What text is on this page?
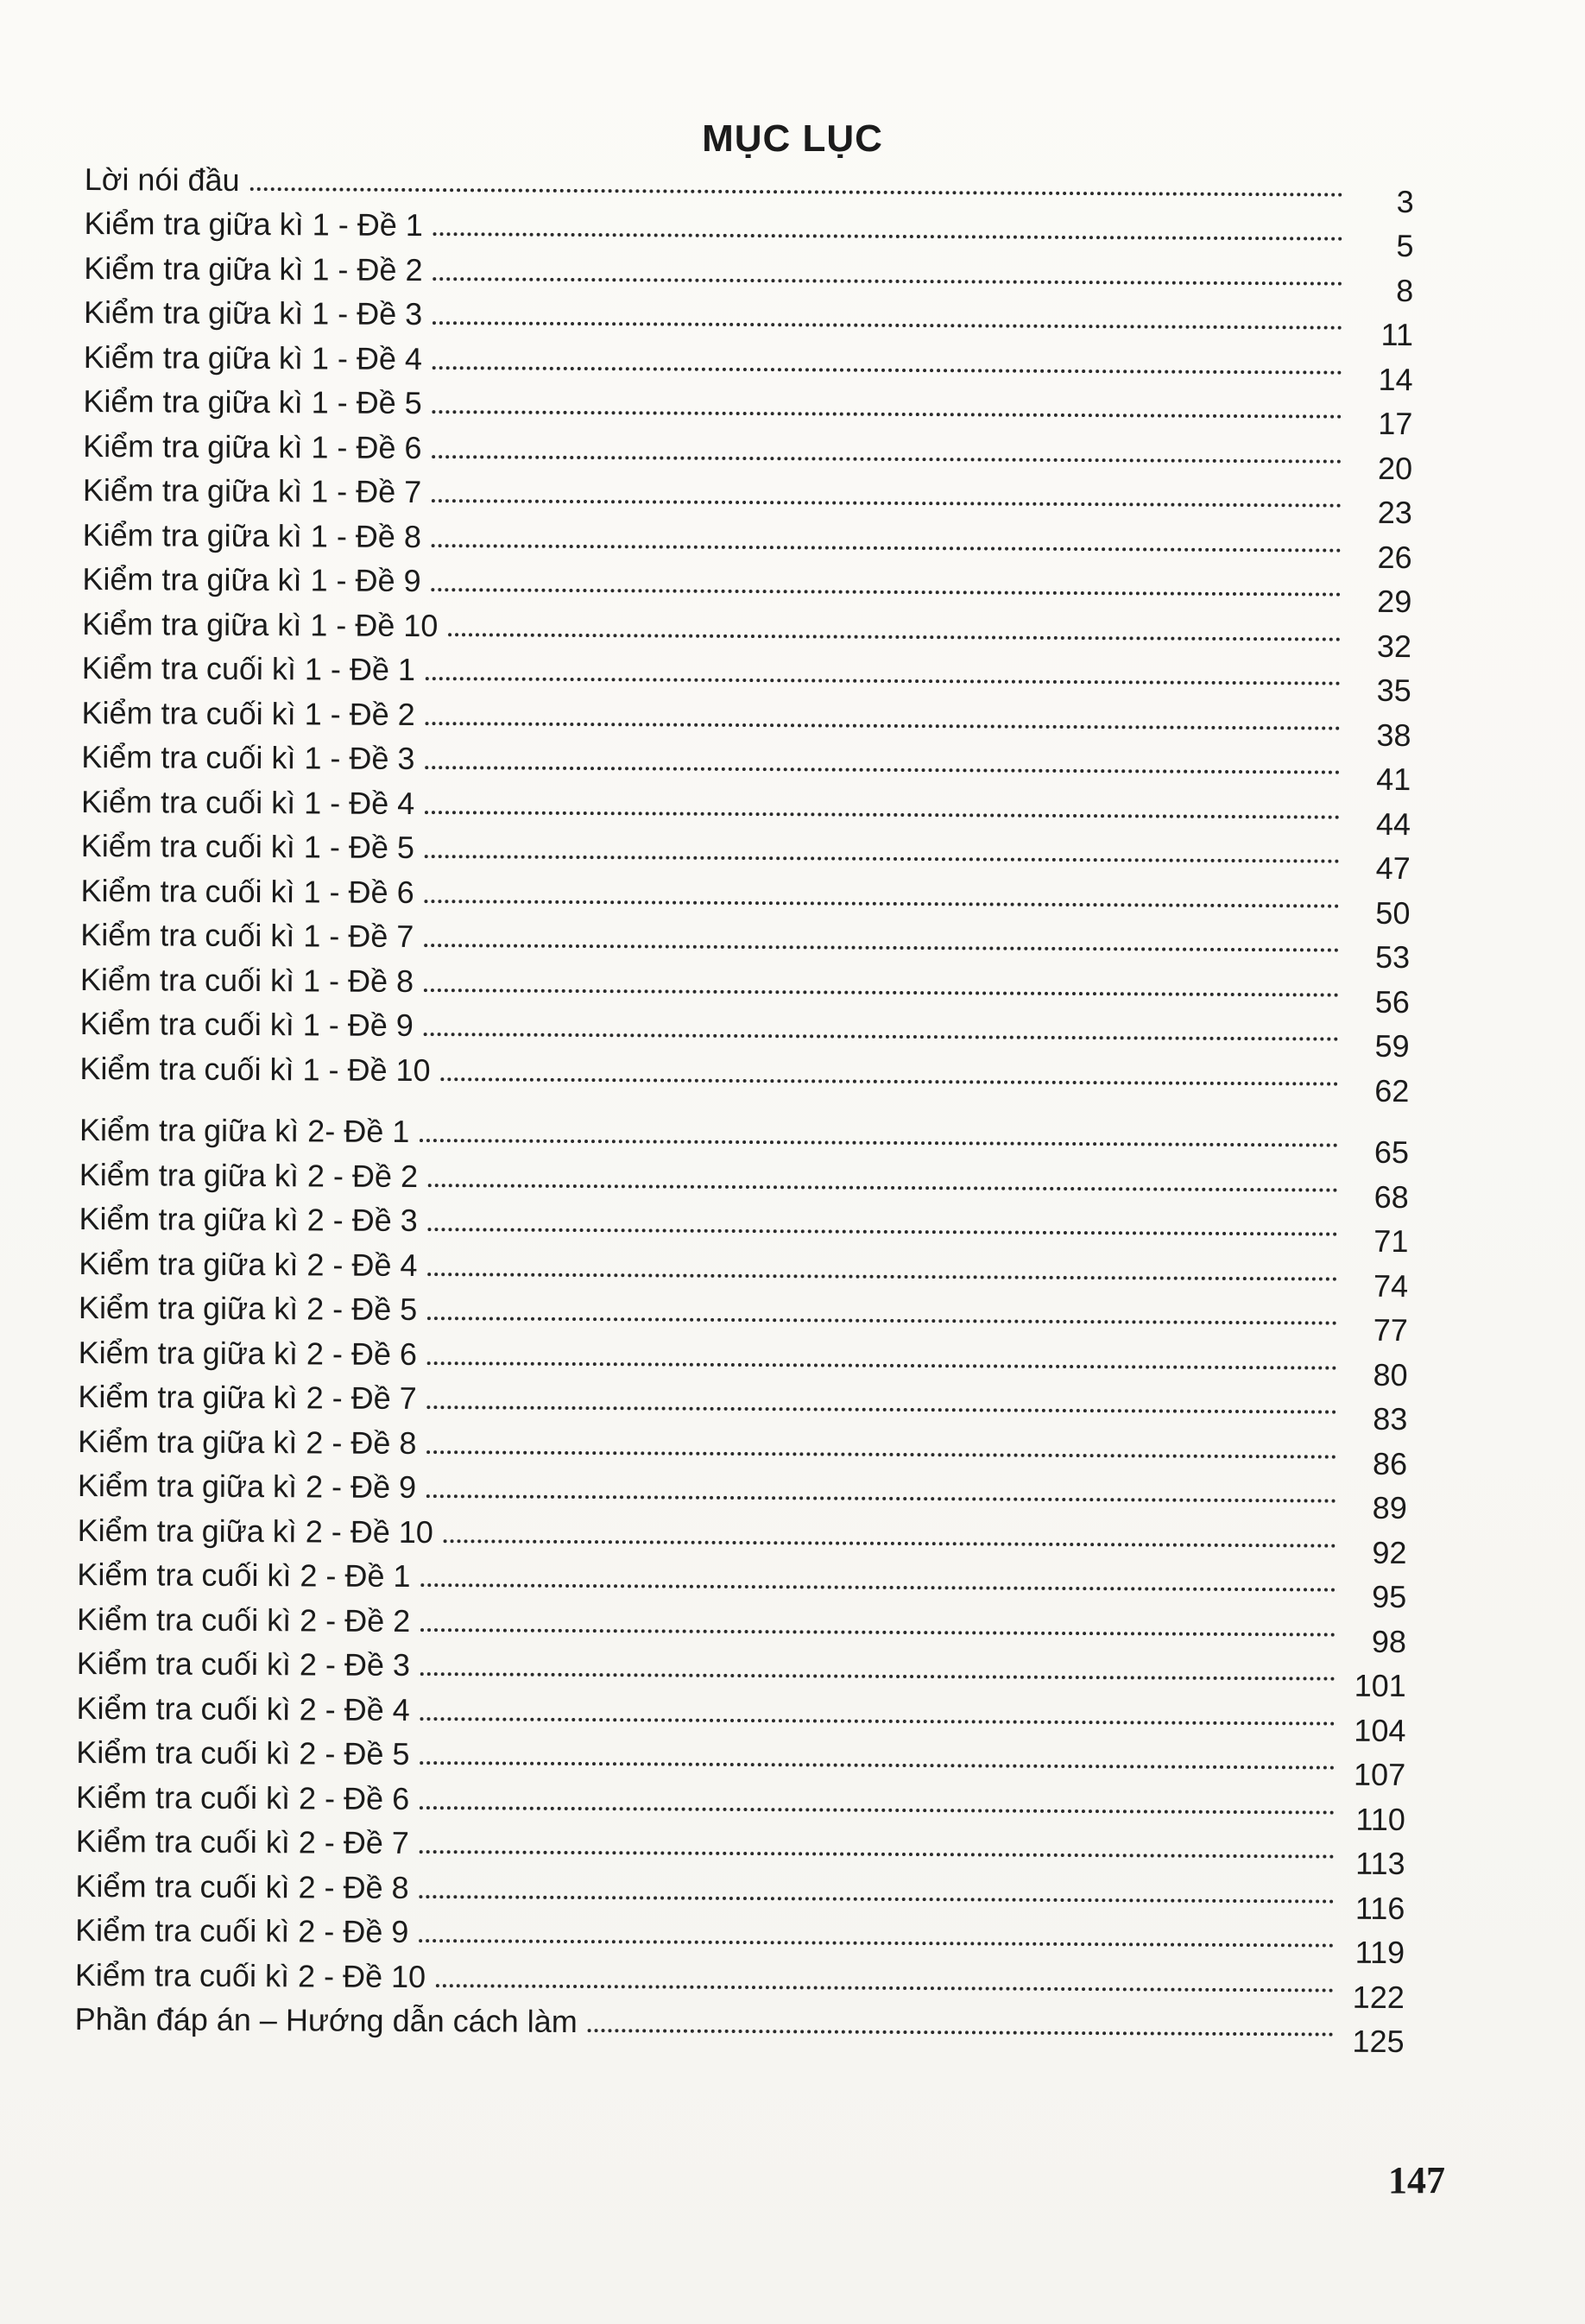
MỤC LỤC
Lời nói đầu
3
Kiểm tra giữa kì 1 - Đề 1
5
Kiểm tra giữa kì 1 - Đề 2
8
Kiểm tra giữa kì 1 - Đề 3
11
Kiểm tra giữa kì 1 - Đề 4
14
Kiểm tra giữa kì 1 - Đề 5
17
Kiểm tra giữa kì 1 - Đề 6
20
Kiểm tra giữa kì 1 - Đề 7
23
Kiểm tra giữa kì 1 - Đề 8
26
Kiểm tra giữa kì 1 - Đề 9
29
Kiểm tra giữa kì 1 - Đề 10
32
Kiểm tra cuối kì 1 - Đề 1
35
Kiểm tra cuối kì 1 - Đề 2
38
Kiểm tra cuối kì 1 - Đề 3
41
Kiểm tra cuối kì 1 - Đề 4
44
Kiểm tra cuối kì 1 - Đề 5
47
Kiểm tra cuối kì 1 - Đề 6
50
Kiểm tra cuối kì 1 - Đề 7
53
Kiểm tra cuối kì 1 - Đề 8
56
Kiểm tra cuối kì 1 - Đề 9
59
Kiểm tra cuối kì 1 - Đề 10
62
Kiểm tra giữa kì 2- Đề 1
65
Kiểm tra giữa kì 2 - Đề 2
68
Kiểm tra giữa kì 2 - Đề 3
71
Kiểm tra giữa kì 2 - Đề 4
74
Kiểm tra giữa kì 2 - Đề 5
77
Kiểm tra giữa kì 2 - Đề 6
80
Kiểm tra giữa kì 2 - Đề 7
83
Kiểm tra giữa kì 2 - Đề 8
86
Kiểm tra giữa kì 2 - Đề 9
89
Kiểm tra giữa kì 2 - Đề 10
92
Kiểm tra cuối kì 2 - Đề 1
95
Kiểm tra cuối kì 2 - Đề 2
98
Kiểm tra cuối kì 2 - Đề 3
101
Kiểm tra cuối kì 2 - Đề 4
104
Kiểm tra cuối kì 2 - Đề 5
107
Kiểm tra cuối kì 2 - Đề 6
110
Kiểm tra cuối kì 2 - Đề 7
113
Kiểm tra cuối kì 2 - Đề 8
116
Kiểm tra cuối kì 2 - Đề 9
119
Kiểm tra cuối kì 2 - Đề 10
122
Phần đáp án – Hướng dẫn cách làm
125
147
